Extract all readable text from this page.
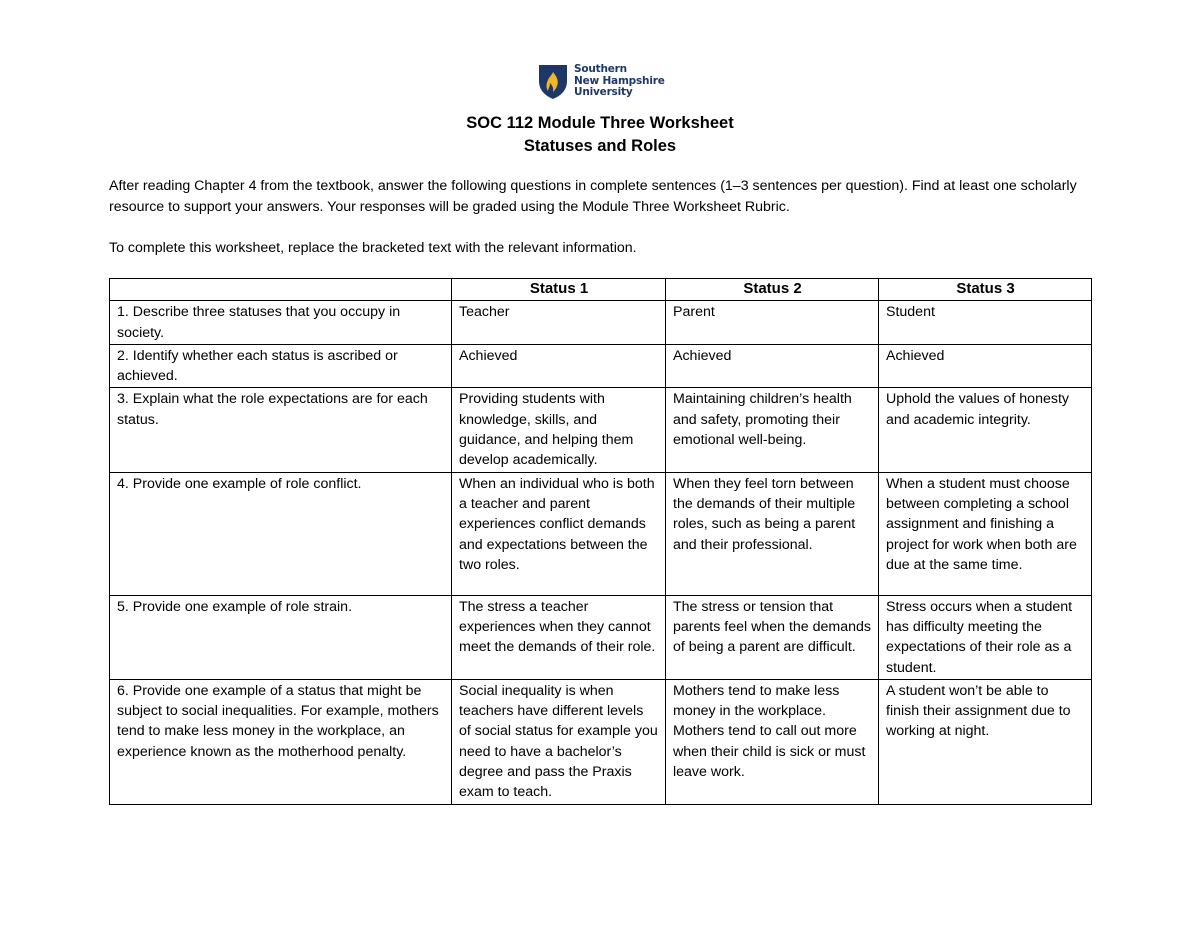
Southern
New Hampshire
University
SOC 112 Module Three Worksheet
Statuses and Roles
After reading Chapter 4 from the textbook, answer the following questions in complete sentences (1–3 sentences per question). Find at least one scholarly resource to support your answers. Your responses will be graded using the Module Three Worksheet Rubric.
To complete this worksheet, replace the bracketed text with the relevant information.
	Status 1	Status 2	Status 3
1. Describe three statuses that you occupy in society.	Teacher	Parent	Student
2. Identify whether each status is ascribed or achieved.	Achieved	Achieved	Achieved
3. Explain what the role expectations are for each status.	Providing students with knowledge, skills, and guidance, and helping them develop academically.	Maintaining children’s health and safety, promoting their emotional well-being.	Uphold the values of honesty and academic integrity.
4. Provide one example of role conflict.	When an individual who is both a teacher and parent experiences conflict demands and expectations between the two roles.	When they feel torn between the demands of their multiple roles, such as being a parent and their professional.	When a student must choose between completing a school assignment and finishing a project for work when both are due at the same time.
5. Provide one example of role strain.	The stress a teacher experiences when they cannot meet the demands of their role.	The stress or tension that parents feel when the demands of being a parent are difficult.	Stress occurs when a student has difficulty meeting the expectations of their role as a student.
6. Provide one example of a status that might be subject to social inequalities. For example, mothers tend to make less money in the workplace, an experience known as the motherhood penalty.	Social inequality is when teachers have different levels of social status for example you need to have a bachelor’s degree and pass the Praxis exam to teach.	Mothers tend to make less money in the workplace. Mothers tend to call out more when their child is sick or must leave work.	A student won’t be able to finish their assignment due to working at night.
